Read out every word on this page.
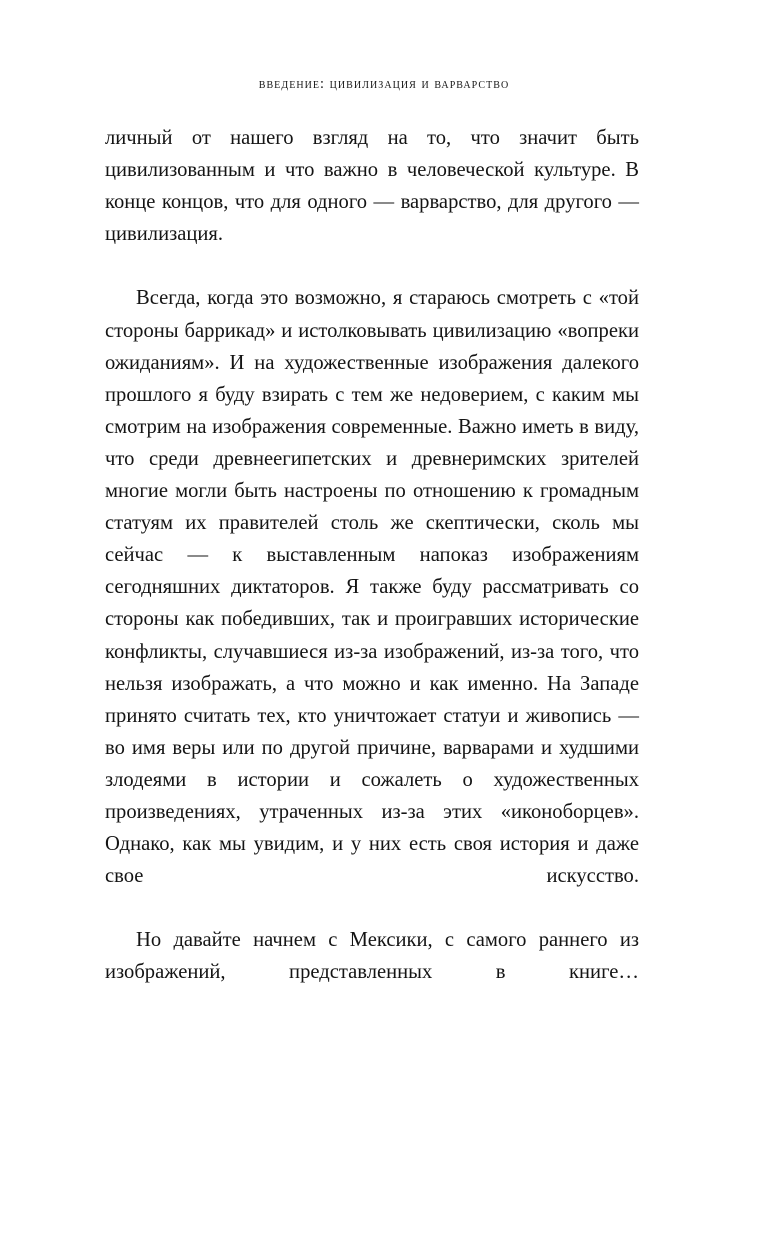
введение: цивилизация и варварство

личный от нашего взгляд на то, что значит быть цивилизованным и что важно в человеческой культуре. В конце концов, что для одного — варварство, для другого — цивилизация.

Всегда, когда это возможно, я стараюсь смотреть с «той стороны баррикад» и истолковывать цивилизацию «вопреки ожиданиям». И на художественные изображения далекого прошлого я буду взирать с тем же недоверием, с каким мы смотрим на изображения современные. Важно иметь в виду, что среди древнеегипетских и древнеримских зрителей многие могли быть настроены по отношению к громадным статуям их правителей столь же скептически, сколь мы сейчас — к выставленным напоказ изображениям сегодняшних диктаторов. Я также буду рассматривать со стороны как победивших, так и проигравших исторические конфликты, случавшиеся из-за изображений, из-за того, что нельзя изображать, а что можно и как именно. На Западе принято считать тех, кто уничтожает статуи и живопись — во имя веры или по другой причине, варварами и худшими злодеями в истории и сожалеть о художественных произведениях, утраченных из-за этих «иконоборцев». Однако, как мы увидим, и у них есть своя история и даже свое искусство.

Но давайте начнем с Мексики, с самого раннего из изображений, представленных в книге…
